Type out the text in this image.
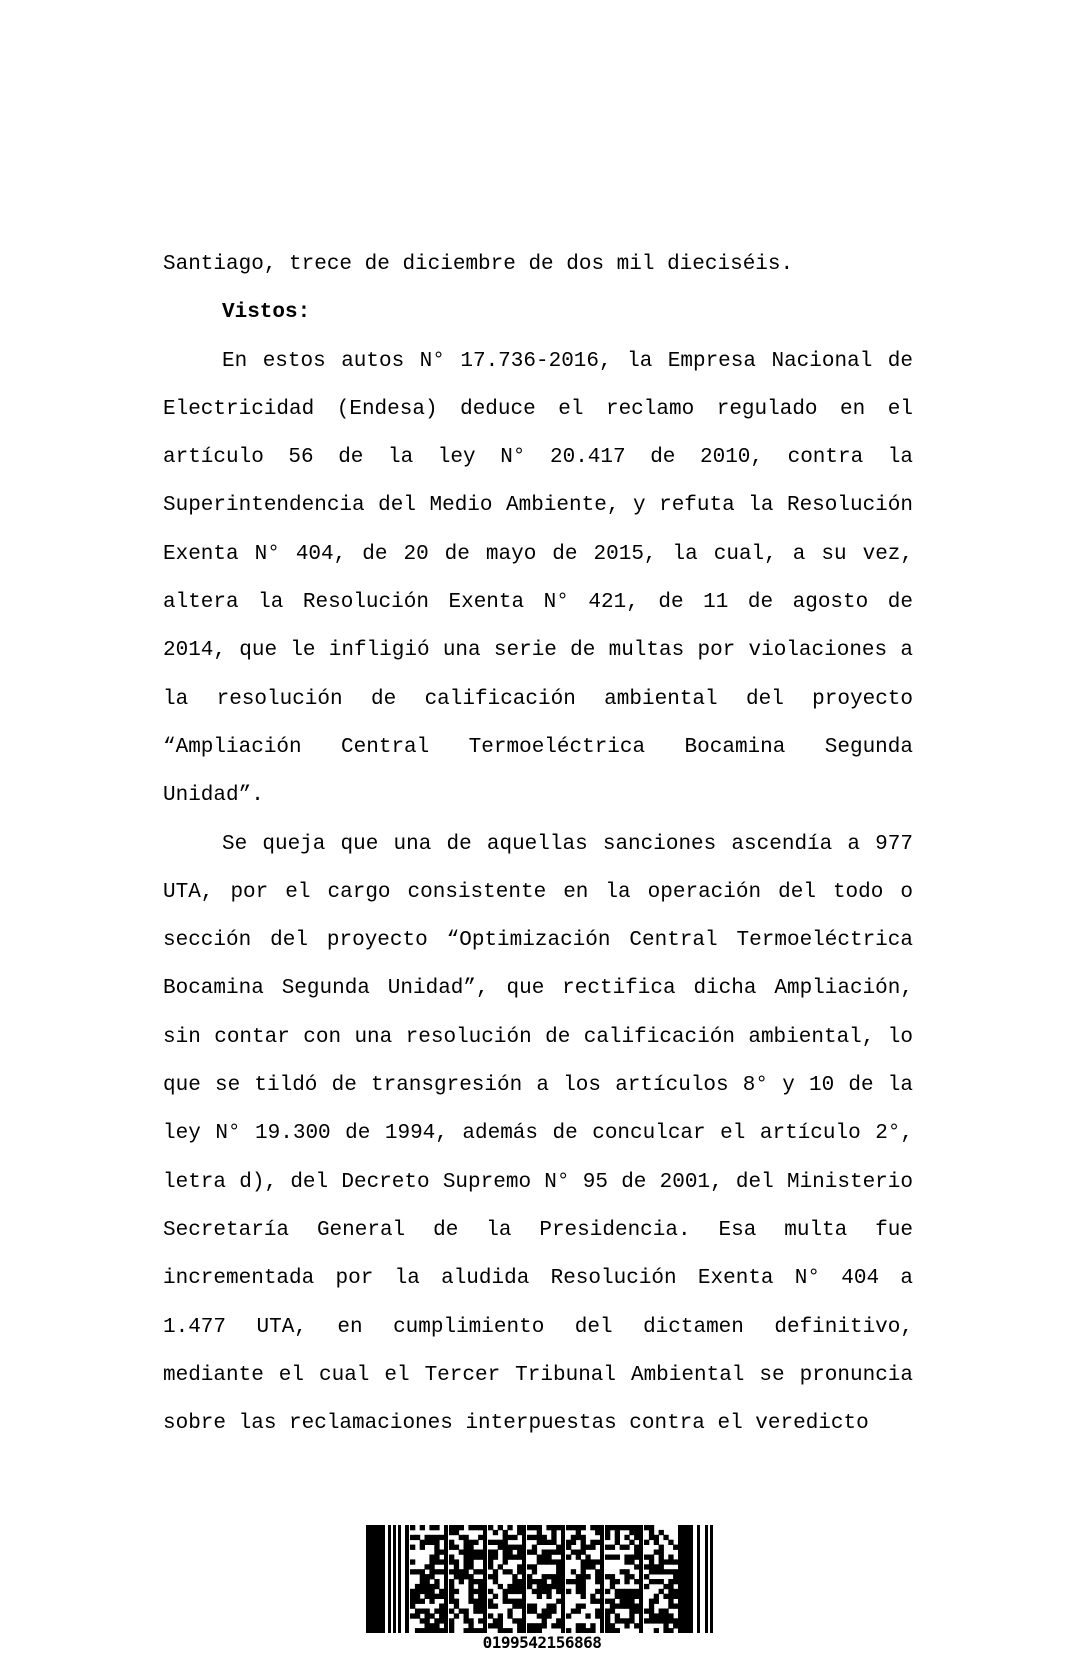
Santiago, trece de diciembre de dos mil dieciséis.

Vistos:

En estos autos N° 17.736-2016, la Empresa Nacional de Electricidad (Endesa) deduce el reclamo regulado en el artículo 56 de la ley N° 20.417 de 2010, contra la Superintendencia del Medio Ambiente, y refuta la Resolución Exenta N° 404, de 20 de mayo de 2015, la cual, a su vez, altera la Resolución Exenta N° 421, de 11 de agosto de 2014, que le infligió una serie de multas por violaciones a la resolución de calificación ambiental del proyecto “Ampliación Central Termoeléctrica Bocamina Segunda Unidad”.

Se queja que una de aquellas sanciones ascendía a 977 UTA, por el cargo consistente en la operación del todo o sección del proyecto “Optimización Central Termoeléctrica Bocamina Segunda Unidad”, que rectifica dicha Ampliación, sin contar con una resolución de calificación ambiental, lo que se tildó de transgresión a los artículos 8° y 10 de la ley N° 19.300 de 1994, además de conculcar el artículo 2°, letra d), del Decreto Supremo N° 95 de 2001, del Ministerio Secretaría General de la Presidencia. Esa multa fue incrementada por la aludida Resolución Exenta N° 404 a 1.477 UTA, en cumplimiento del dictamen definitivo, mediante el cual el Tercer Tribunal Ambiental se pronuncia sobre las reclamaciones interpuestas contra el veredicto

0199542156868
